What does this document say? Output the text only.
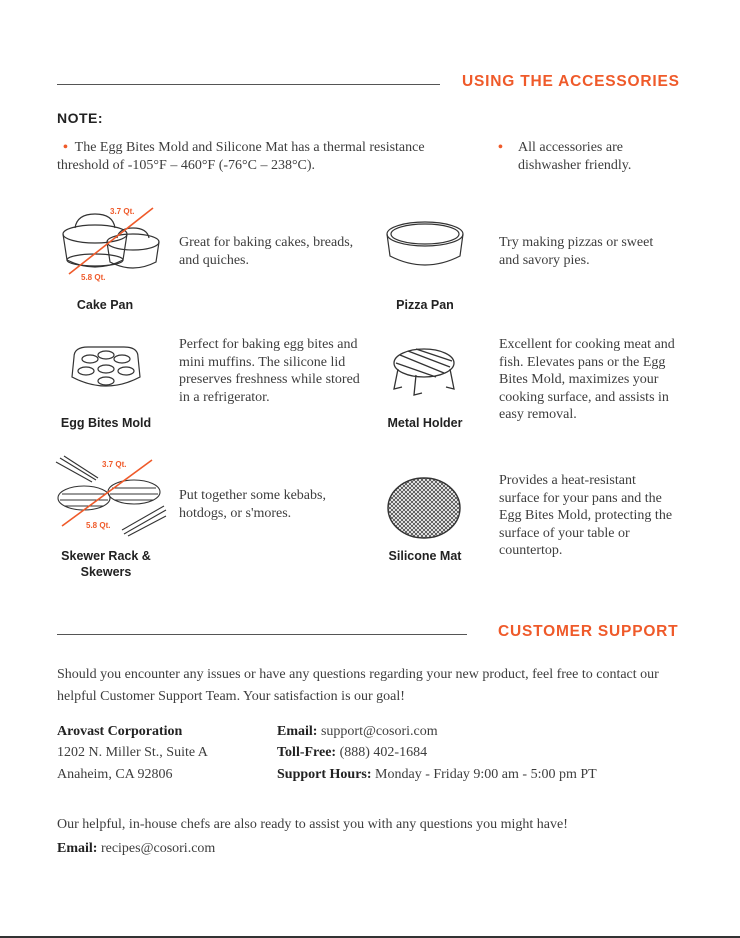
USING THE ACCESSORIES
NOTE:
• The Egg Bites Mold and Silicone Mat has a thermal resistance threshold of -105°F – 460°F (-76°C – 238°C).
•	All accessories are dishwasher friendly.
3.7 Qt.
5.8 Qt.
Cake Pan
Great for baking cakes, breads, and quiches.
Pizza Pan
Try making pizzas or sweet and savory pies.
Egg Bites Mold
Perfect for baking egg bites and mini muffins. The silicone lid preserves freshness while stored in a refrigerator.
Metal Holder
Excellent for cooking meat and fish. Elevates pans or the Egg Bites Mold, maximizes your cooking surface, and assists in easy removal.
3.7 Qt.
5.8 Qt.
Skewer Rack & Skewers
Put together some kebabs, hotdogs, or s'mores.
Silicone Mat
Provides a heat-resistant surface for your pans and the Egg Bites Mold, protecting the surface of your table or countertop.
CUSTOMER SUPPORT
Should you encounter any issues or have any questions regarding your new product, feel free to contact our helpful Customer Support Team. Your satisfaction is our goal!
Arovast Corporation
1202 N. Miller St., Suite A
Anaheim, CA 92806
Email: support@cosori.com
Toll-Free: (888) 402-1684
Support Hours: Monday - Friday 9:00 am - 5:00 pm PT
Our helpful, in-house chefs are also ready to assist you with any questions you might have!
Email: recipes@cosori.com
